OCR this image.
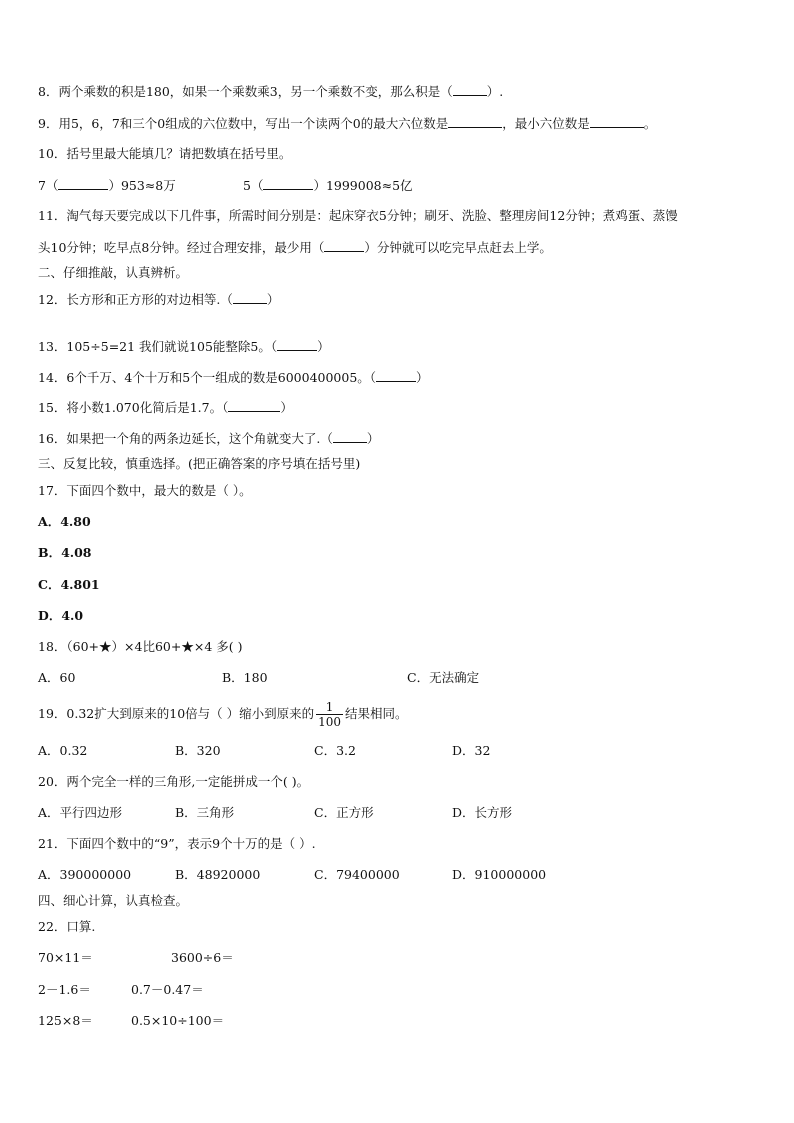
8．两个乘数的积是180，如果一个乘数乘3，另一个乘数不变，那么积是（	）.
9．用5，6，7和三个0组成的六位数中，写出一个读两个0的最大六位数是	，最小六位数是	。
10．括号里最大能填几？请把数填在括号里。
7（	）953≈8万	5（	）1999008≈5亿
11．淘气每天要完成以下几件事，所需时间分别是：起床穿衣5分钟；刷牙、洗脸、整理房间12分钟；煮鸡蛋、蒸馒
头10分钟；吃早点8分钟。经过合理安排，最少用（	）分钟就可以吃完早点赶去上学。
二、仔细推敲，认真辨析。
12．长方形和正方形的对边相等.（	）
13．105÷5=21 我们就说105能整除5。（	）
14．6个千万、4个十万和5个一组成的数是6000400005。（	）
15．将小数1.070化简后是1.7。（	）
16．如果把一个角的两条边延长，这个角就变大了.（	）
三、反复比较，慎重选择。(把正确答案的序号填在括号里)
17．下面四个数中，最大的数是（ ）。
A．4.80
B．4.08
C．4.801
D．4.0
18．（60+★）×4比60+★×4 多( )
A．60	B．180	C．无法确定
19．0.32扩大到原来的10倍与（ ）缩小到原来的 $\frac{1}{100}$ 结果相同。
A．0.32	B．320	C．3.2	D．32
20．两个完全一样的三角形,一定能拼成一个( )。
A．平行四边形	B．三角形	C．正方形	D．长方形
21．下面四个数中的“9”，表示9个十万的是（ ）.
A．390000000	B．48920000	C．79400000	D．910000000
四、细心计算，认真检查。
22．口算.
70×11＝	3600÷6＝
2－1.6＝	0.7－0.47＝
125×8＝	0.5×10÷100＝
